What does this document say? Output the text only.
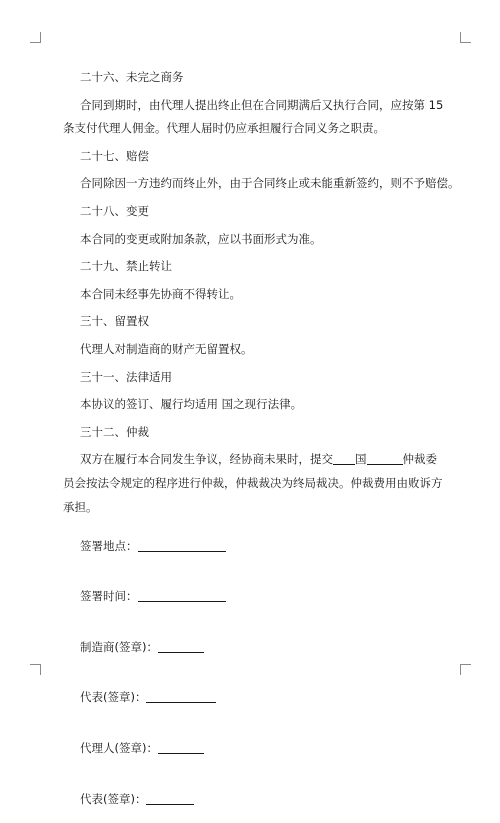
二十六、未完之商务

合同到期时，由代理人提出终止但在合同期满后又执行合同，应按第 15 条支付代理人佣金。代理人届时仍应承担履行合同义务之职责。

二十七、赔偿

合同除因一方违约而终止外，由于合同终止或未能重新签约，则不予赔偿。

二十八、变更

本合同的变更或附加条款，应以书面形式为准。

二十九、禁止转让

本合同未经事先协商不得转让。

三十、留置权

代理人对制造商的财产无留置权。

三十一、法律适用

本协议的签订、履行均适用 国之现行法律。

三十二、仲裁

双方在履行本合同发生争议，经协商未果时，提交 国	仲裁委员会按法令规定的程序进行仲裁，仲裁裁决为终局裁决。仲裁费用由败诉方承担。

签署地点：

签署时间：

制造商(签章)：

代表(签章)：

代理人(签章)：

代表(签章)：
